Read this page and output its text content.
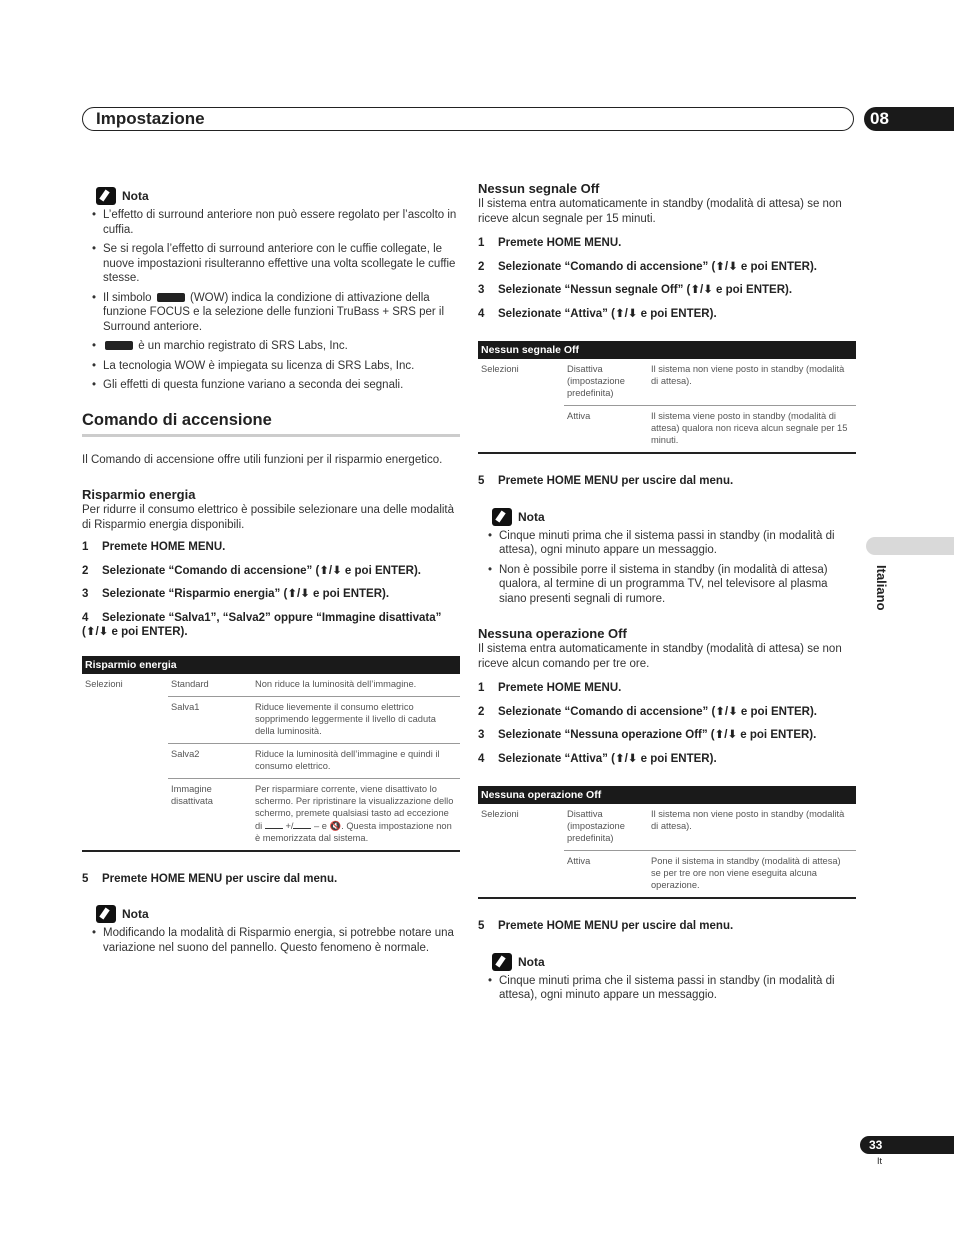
Impostazione	08
Italiano
33
It
Nota
• L’effetto di surround anteriore non può essere regolato per l’ascolto in cuffia.
• Se si regola l’effetto di surround anteriore con le cuffie collegate, le nuove impostazioni risulteranno effettive una volta scollegate le cuffie stesse.
• Il simbolo	(WOW) indica la condizione di attivazione della funzione FOCUS e la selezione delle funzioni TruBass + SRS per il Surround anteriore.
• è un marchio registrato di SRS Labs, Inc.
• La tecnologia WOW è impiegata su licenza di SRS Labs, Inc.
• Gli effetti di questa funzione variano a seconda dei segnali.
Comando di accensione
Il Comando di accensione offre utili funzioni per il risparmio energetico.
Risparmio energia
Per ridurre il consumo elettrico è possibile selezionare una delle modalità di Risparmio energia disponibili.
1 Premete HOME MENU.
2 Selezionate “Comando di accensione” (⬆/⬇ e poi ENTER).
3 Selezionate “Risparmio energia” (⬆/⬇ e poi ENTER).
4 Selezionate “Salva1”, “Salva2” oppure “Immagine disattivata” (⬆/⬇ e poi ENTER).
Risparmio energia		
Selezioni	Standard	Non riduce la luminosità dell’immagine.
	Salva1	Riduce lievemente il consumo elettrico sopprimendo leggermente il livello di caduta della luminosità.
	Salva2	Riduce la luminosità dell’immagine e quindi il consumo elettrico.
	Immagine disattivata	Per risparmiare corrente, viene disattivato lo schermo. Per ripristinare la visualizzazione dello schermo, premete qualsiasi tasto ad eccezione di +/ – e 🔇. Questa impostazione non è memorizzata dal sistema.
5 Premete HOME MENU per uscire dal menu.
Nota
• Modificando la modalità di Risparmio energia, si potrebbe notare una variazione nel suono del pannello. Questo fenomeno è normale.
Nessun segnale Off
Il sistema entra automaticamente in standby (modalità di attesa) se non riceve alcun segnale per 15 minuti.
1 Premete HOME MENU.
2 Selezionate “Comando di accensione” (⬆/⬇ e poi ENTER).
3 Selezionate “Nessun segnale Off” (⬆/⬇ e poi ENTER).
4 Selezionate “Attiva” (⬆/⬇ e poi ENTER).
Nessun segnale Off		
Selezioni	Disattiva (impostazione predefinita)	Il sistema non viene posto in standby (modalità di attesa).
	Attiva	Il sistema viene posto in standby (modalità di attesa) qualora non riceva alcun segnale per 15 minuti.
5 Premete HOME MENU per uscire dal menu.
Nota
• Cinque minuti prima che il sistema passi in standby (in modalità di attesa), ogni minuto appare un messaggio.
• Non è possibile porre il sistema in standby (in modalità di attesa) qualora, al termine di un programma TV, nel televisore al plasma siano presenti segnali di rumore.
Nessuna operazione Off
Il sistema entra automaticamente in standby (modalità di attesa) se non riceve alcun comando per tre ore.
1 Premete HOME MENU.
2 Selezionate “Comando di accensione” (⬆/⬇ e poi ENTER).
3 Selezionate “Nessuna operazione Off” (⬆/⬇ e poi ENTER).
4 Selezionate “Attiva” (⬆/⬇ e poi ENTER).
Nessuna operazione Off		
Selezioni	Disattiva (impostazione predefinita)	Il sistema non viene posto in standby (modalità di attesa).
	Attiva	Pone il sistema in standby (modalità di attesa) se per tre ore non viene eseguita alcuna operazione.
5 Premete HOME MENU per uscire dal menu.
Nota
• Cinque minuti prima che il sistema passi in standby (in modalità di attesa), ogni minuto appare un messaggio.
